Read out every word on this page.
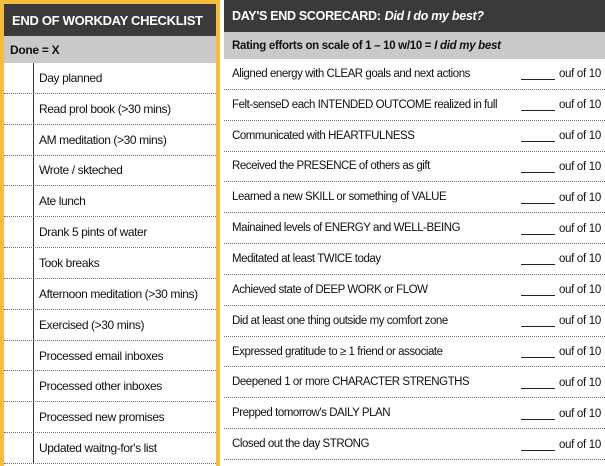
END OF WORKDAY CHECKLIST
Done = X
Day planned
Read prol book (>30 mins)
AM meditation (>30 mins)
Wrote / skteched
Ate lunch
Drank 5 pints of water
Took breaks
Afternoon meditation (>30 mins)
Exercised (>30 mins)
Processed email inboxes
Processed other inboxes
Processed new promises
Updated waitng-for's list
DAY'S END SCORECARD: Did I do my best?
Rating efforts on scale of 1 – 10 w/10 = I did my best
Aligned energy with CLEAR goals and next actions	ouf of 10
Felt-senseD each INTENDED OUTCOME realized in full	ouf of 10
Communicated with HEARTFULNESS	ouf of 10
Received the PRESENCE of others as gift	ouf of 10
Learned a new SKILL or something of VALUE	ouf of 10
Mainained levels of ENERGY and WELL-BEING	ouf of 10
Meditated at least TWICE today	ouf of 10
Achieved state of DEEP WORK or FLOW	ouf of 10
Did at least one thing outside my comfort zone	ouf of 10
Expressed gratitude to ≥ 1 friend or associate	ouf of 10
Deepened 1 or more CHARACTER STRENGTHS	ouf of 10
Prepped tomorrow's DAILY PLAN	ouf of 10
Closed out the day STRONG	ouf of 10
